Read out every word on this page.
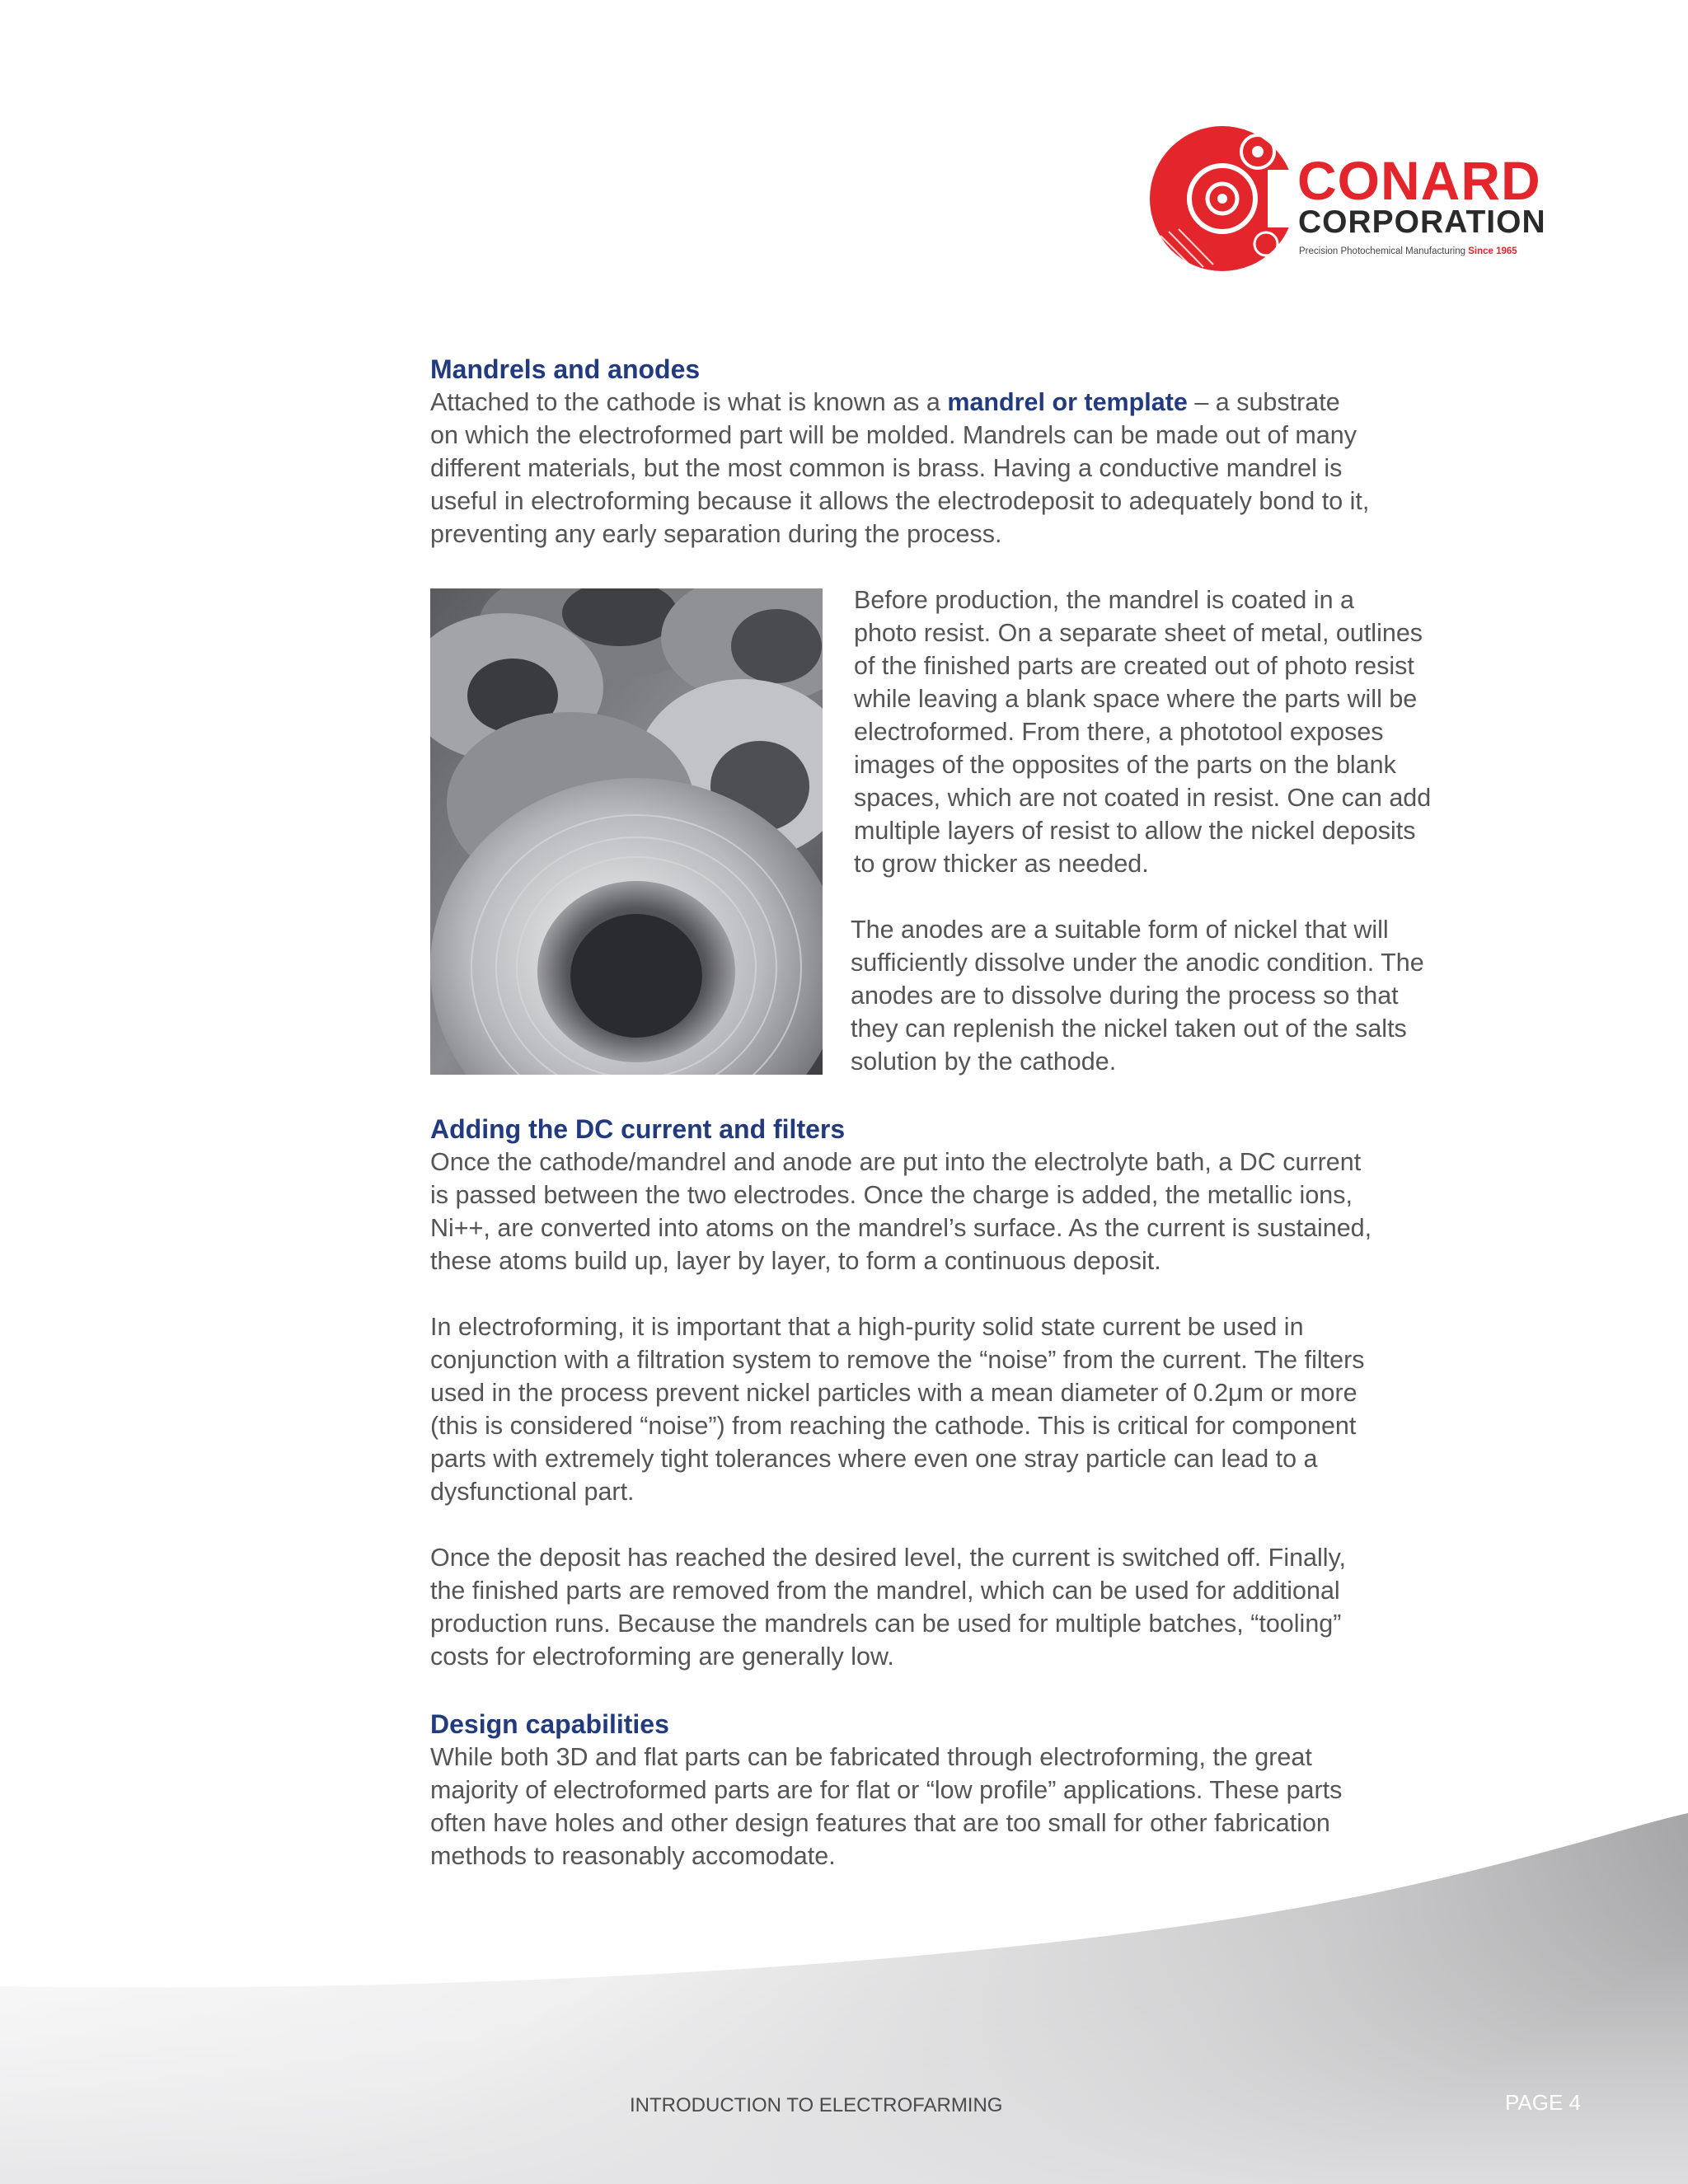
CONARD
CORPORATION
Precision Photochemical Manufacturing Since 1965
Mandrels and anodes

Attached to the cathode is what is known as a mandrel or template – a substrate
on which the electroformed part will be molded. Mandrels can be made out of many
different materials, but the most common is brass. Having a conductive mandrel is
useful in electroforming because it allows the electrodeposit to adequately bond to it,
preventing any early separation during the process.

Before production, the mandrel is coated in a
photo resist. On a separate sheet of metal, outlines
of the finished parts are created out of photo resist
while leaving a blank space where the parts will be
electroformed. From there, a phototool exposes
images of the opposites of the parts on the blank
spaces, which are not coated in resist. One can add
multiple layers of resist to allow the nickel deposits
to grow thicker as needed.

The anodes are a suitable form of nickel that will
sufficiently dissolve under the anodic condition. The
anodes are to dissolve during the process so that
they can replenish the nickel taken out of the salts
solution by the cathode.

Adding the DC current and filters

Once the cathode/mandrel and anode are put into the electrolyte bath, a DC current
is passed between the two electrodes. Once the charge is added, the metallic ions,
Ni++, are converted into atoms on the mandrel’s surface. As the current is sustained,
these atoms build up, layer by layer, to form a continuous deposit.

In electroforming, it is important that a high-purity solid state current be used in
conjunction with a filtration system to remove the “noise” from the current. The filters
used in the process prevent nickel particles with a mean diameter of 0.2μm or more
(this is considered “noise”) from reaching the cathode. This is critical for component
parts with extremely tight tolerances where even one stray particle can lead to a
dysfunctional part.

Once the deposit has reached the desired level, the current is switched off. Finally,
the finished parts are removed from the mandrel, which can be used for additional
production runs. Because the mandrels can be used for multiple batches, “tooling”
costs for electroforming are generally low.

Design capabilities

While both 3D and flat parts can be fabricated through electroforming, the great
majority of electroformed parts are for flat or “low profile” applications. These parts
often have holes and other design features that are too small for other fabrication
methods to reasonably accomodate.

INTRODUCTION TO ELECTROFARMING	PAGE 4
